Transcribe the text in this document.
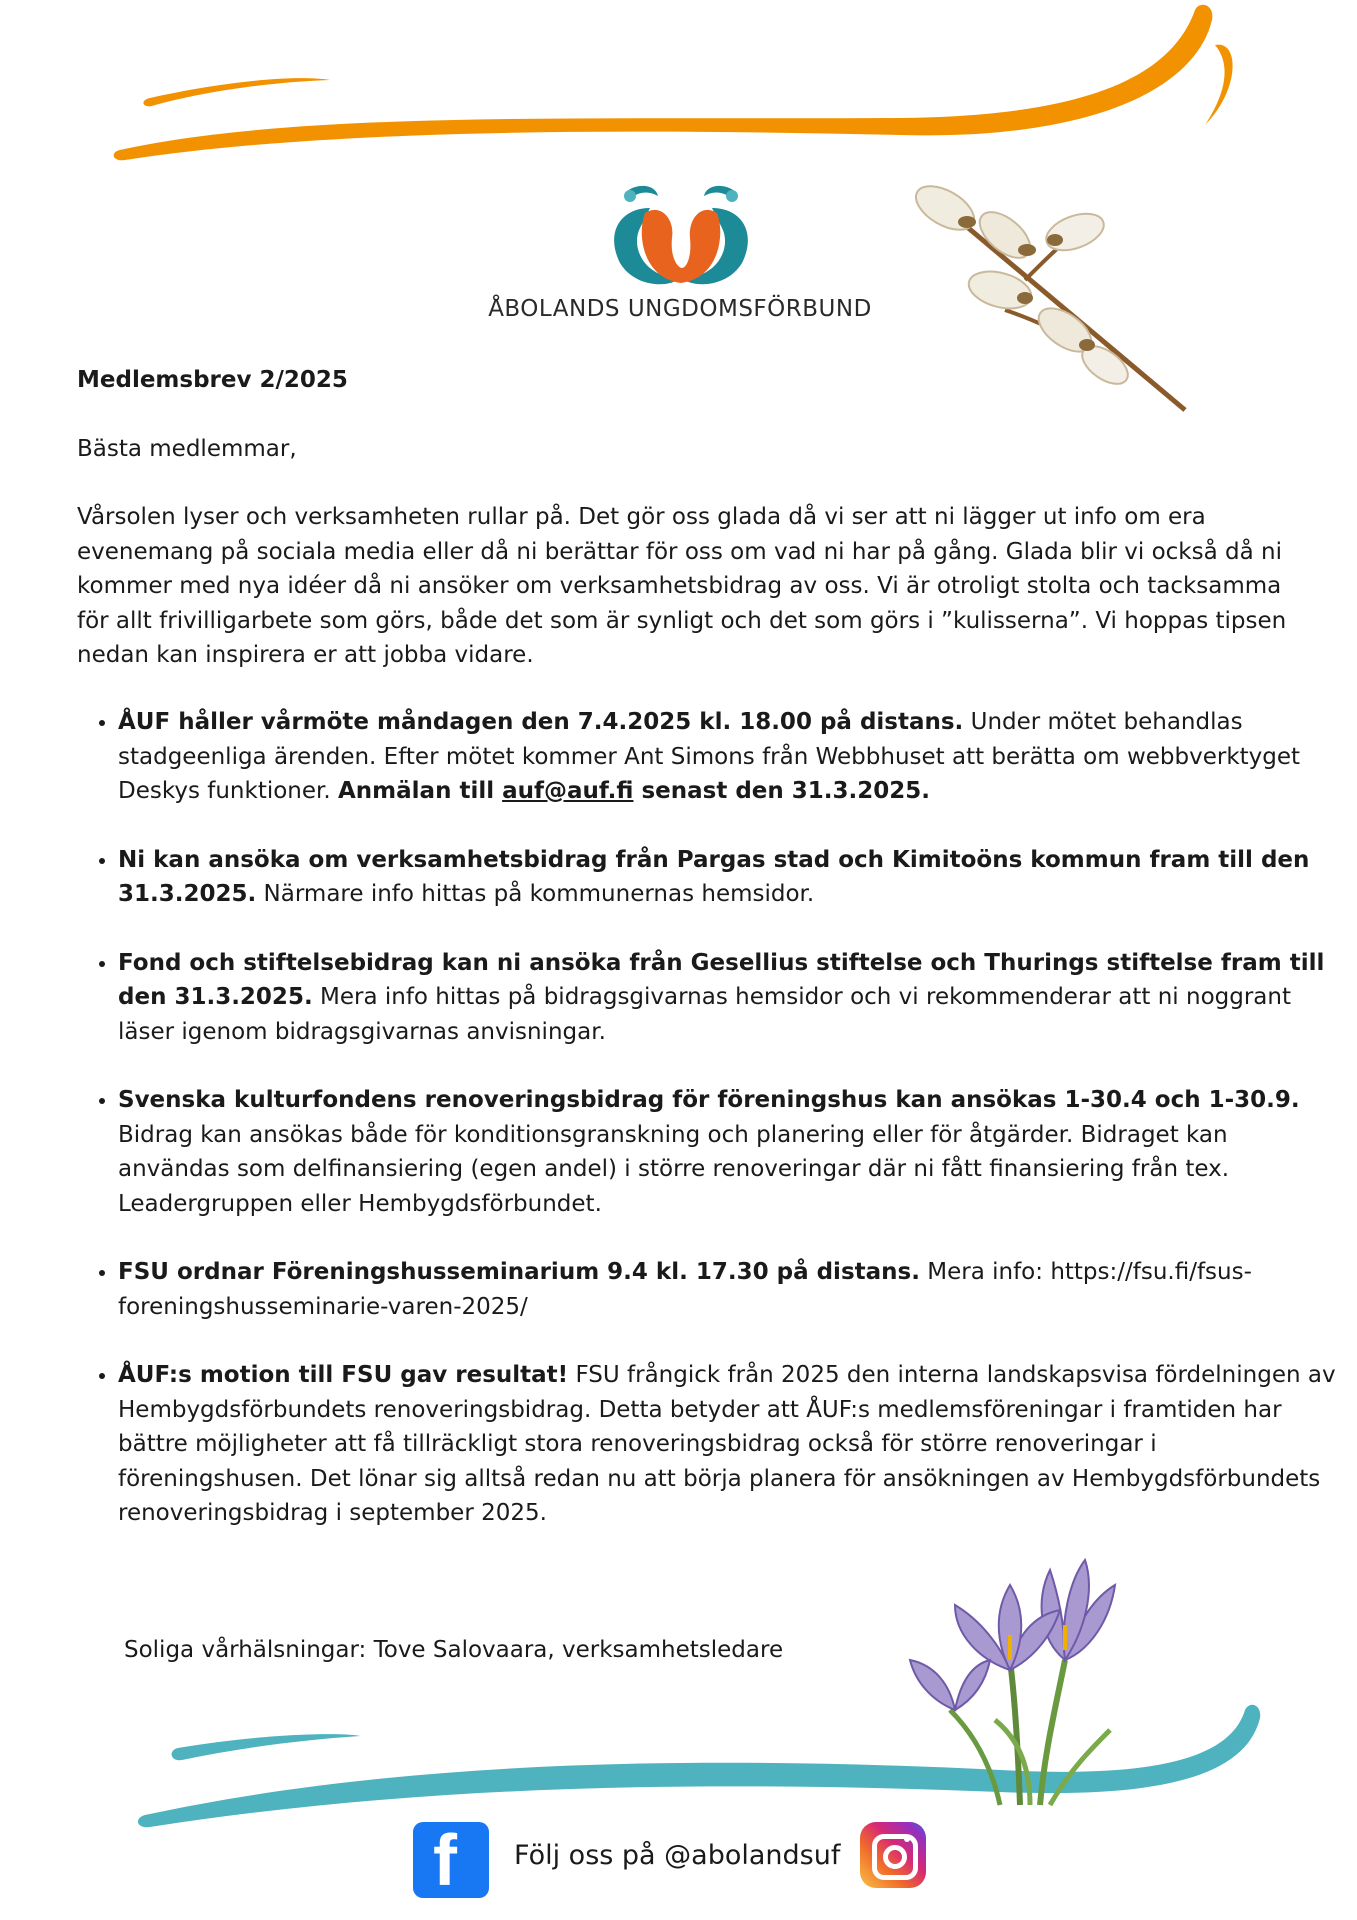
ÅBOLANDS UNGDOMSFÖRBUND
Medlemsbrev 2/2025
Bästa medlemmar,
Vårsolen lyser och verksamheten rullar på. Det gör oss glada då vi ser att ni lägger ut info om era evenemang på sociala media eller då ni berättar för oss om vad ni har på gång. Glada blir vi också då ni kommer med nya idéer då ni ansöker om verksamhetsbidrag av oss. Vi är otroligt stolta och tacksamma för allt frivilligarbete som görs, både det som är synligt och det som görs i ”kulisserna”. Vi hoppas tipsen nedan kan inspirera er att jobba vidare.
• ÅUF håller vårmöte måndagen den 7.4.2025 kl. 18.00 på distans. Under mötet behandlas stadgeenliga ärenden. Efter mötet kommer Ant Simons från Webbhuset att berätta om webbverktyget Deskys funktioner. Anmälan till auf@auf.fi senast den 31.3.2025.
• Ni kan ansöka om verksamhetsbidrag från Pargas stad och Kimitoöns kommun fram till den 31.3.2025. Närmare info hittas på kommunernas hemsidor.
• Fond och stiftelsebidrag kan ni ansöka från Gesellius stiftelse och Thurings stiftelse fram till den 31.3.2025. Mera info hittas på bidragsgivarnas hemsidor och vi rekommenderar att ni noggrant läser igenom bidragsgivarnas anvisningar.
• Svenska kulturfondens renoveringsbidrag för föreningshus kan ansökas 1-30.4 och 1-30.9. Bidrag kan ansökas både för konditionsgranskning och planering eller för åtgärder. Bidraget kan användas som delfinansiering (egen andel) i större renoveringar där ni fått finansiering från tex. Leadergruppen eller Hembygdsförbundet.
• FSU ordnar Föreningshusseminarium 9.4 kl. 17.30 på distans. Mera info: https://fsu.fi/fsus-foreningshusseminarie-varen-2025/
• ÅUF:s motion till FSU gav resultat! FSU frångick från 2025 den interna landskapsvisa fördelningen av Hembygdsförbundets renoveringsbidrag. Detta betyder att ÅUF:s medlemsföreningar i framtiden har bättre möjligheter att få tillräckligt stora renoveringsbidrag också för större renoveringar i föreningshusen. Det lönar sig alltså redan nu att börja planera för ansökningen av Hembygdsförbundets renoveringsbidrag i september 2025.
Soliga vårhälsningar: Tove Salovaara, verksamhetsledare
f Följ oss på @abolandsuf
